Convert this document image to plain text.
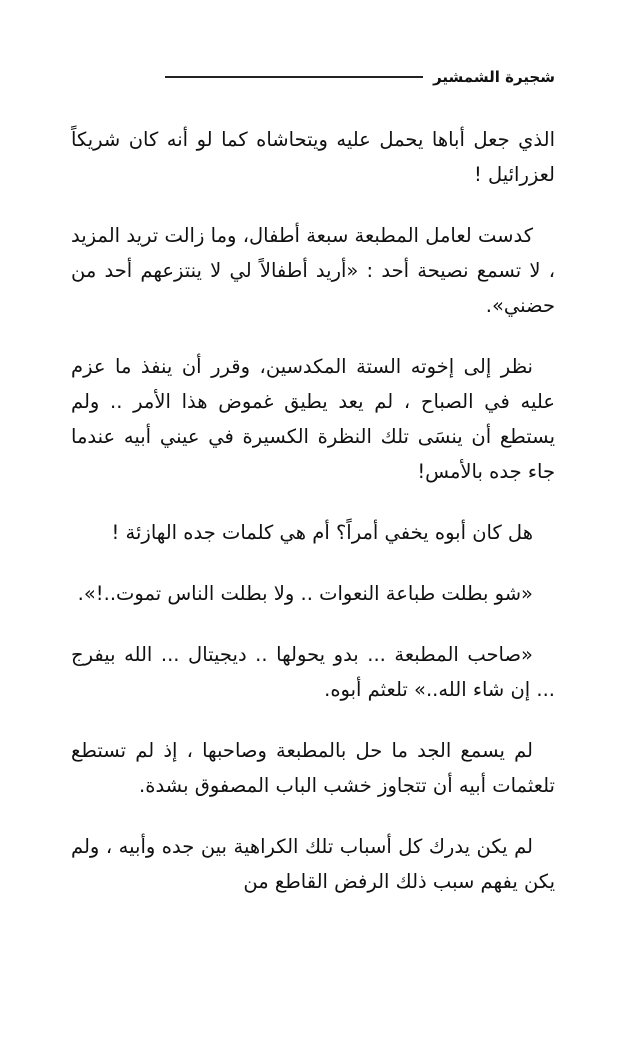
شجيرة الشمشير

الذي جعل أباها يحمل عليه ويتحاشاه كما لو أنه كان شريكاً لعزرائيل !

كدست لعامل المطبعة سبعة أطفال، وما زالت تريد المزيد ، لا تسمع نصيحة أحد : «أريد أطفالاً لي لا ينتزعهم أحد من حضني».

نظر إلى إخوته الستة المكدسين، وقرر أن ينفذ ما عزم عليه في الصباح ، لم يعد يطيق غموض هذا الأمر .. ولم يستطع أن ينسَى تلك النظرة الكسيرة في عيني أبيه عندما جاء جده بالأمس!

هل كان أبوه يخفي أمراً؟ أم هي كلمات جده الهازئة !

«شو بطلت طباعة النعوات .. ولا بطلت الناس تموت..!».

«صاحب المطبعة ... بدو يحولها .. ديجيتال ... الله بيفرج ... إن شاء الله..» تلعثم أبوه.

لم يسمع الجد ما حل بالمطبعة وصاحبها ، إذ لم تستطع تلعثمات أبيه أن تتجاوز خشب الباب المصفوق بشدة.

لم يكن يدرك كل أسباب تلك الكراهية بين جده وأبيه ، ولم يكن يفهم سبب ذلك الرفض القاطع من
